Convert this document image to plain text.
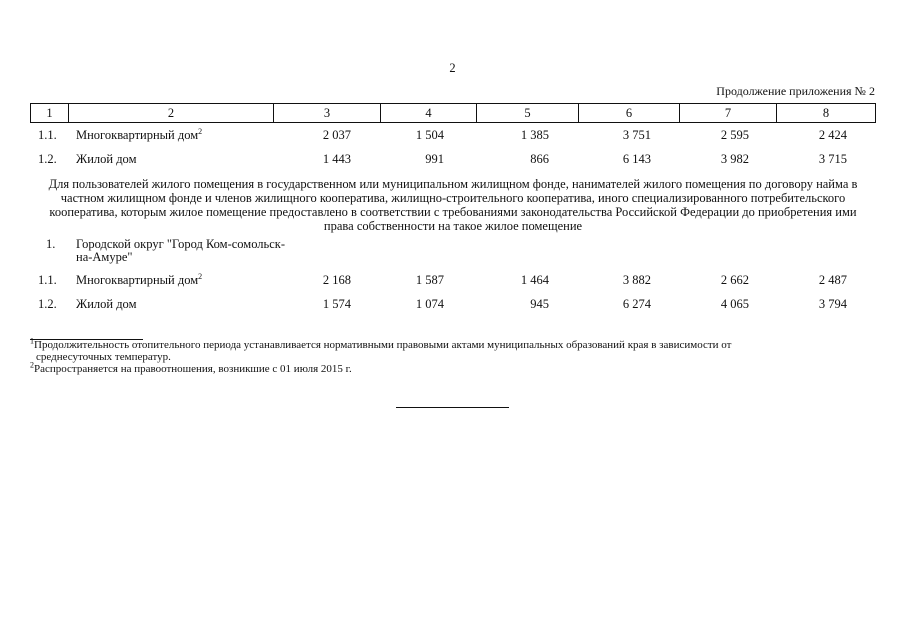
2
Продолжение приложения № 2
1	2	3	4	5	6	7	8
1.1. Многоквартирный дом$^2$	2 037	1 504	1 385	3 751	2 595	2 424
1.2. Жилой дом	1 443	991	866	6 143	3 982	3 715
Для пользователей жилого помещения в государственном или муниципальном жилищном фонде, нанимателей жилого помещения по договору найма в частном жилищном фонде и членов жилищного кооператива, жилищно-строительного кооператива, иного специализированного потребительского кооператива, которым жилое помещение предоставлено в соответствии с требованиями законодательства Российской Федерации до приобретения ими права собственности на такое жилое помещение
1. Городской округ "Город Ком-сомольск-на-Амуре"
1.1. Многоквартирный дом$^2$	2 168	1 587	1 464	3 882	2 662	2 487
1.2. Жилой дом	1 574	1 074	945	6 274	4 065	3 794

$^1$Продолжительность отопительного периода устанавливается нормативными правовыми актами муниципальных образований края в зависимости от
среднесуточных температур.

$^2$Распространяется на правоотношения, возникшие с 01 июля 2015 г.
